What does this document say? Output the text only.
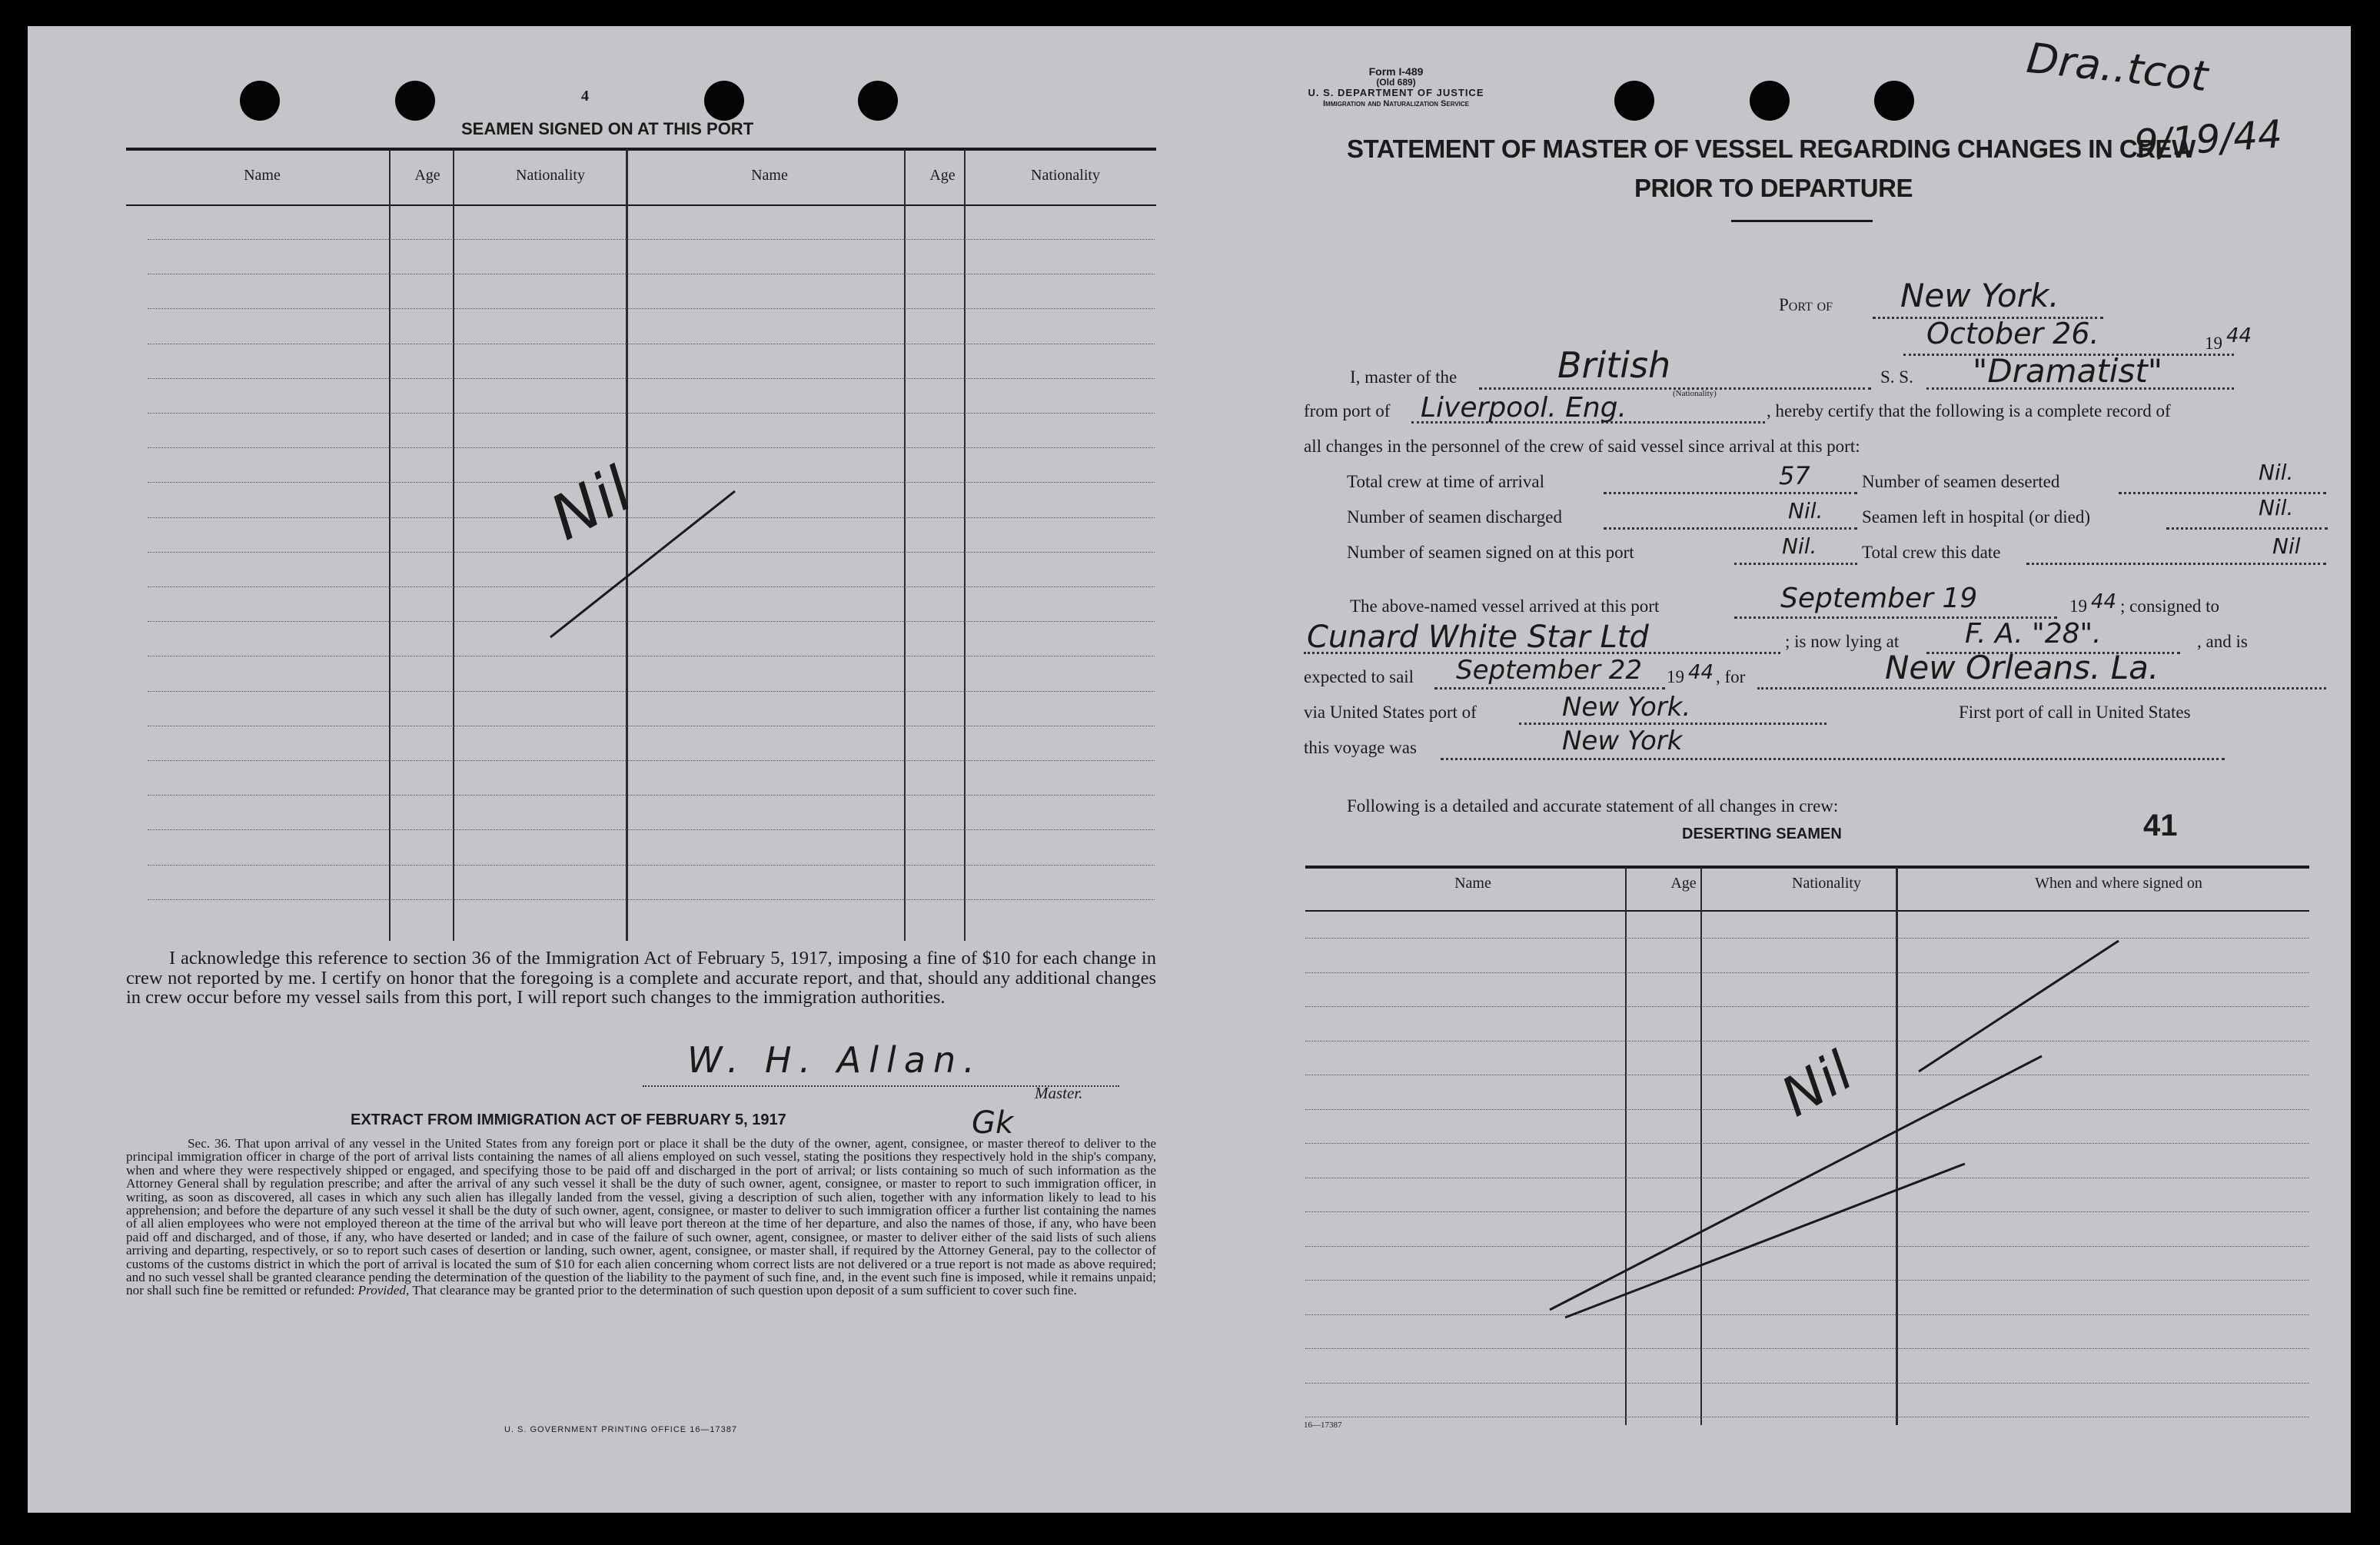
4
SEAMEN SIGNED ON AT THIS PORT
Name	Age	Nationality	Name	Age	Nationality
Nil
I acknowledge this reference to section 36 of the Immigration Act of February 5, 1917, imposing a fine of $10 for each change in crew not reported by me. I certify on honor that the foregoing is a complete and accurate report, and that, should any additional changes in crew occur before my vessel sails from this port, I will report such changes to the immigration authorities.
W. H. Allan.
Master.
Gk
EXTRACT FROM IMMIGRATION ACT OF FEBRUARY 5, 1917
Sec. 36. That upon arrival of any vessel in the United States from any foreign port or place it shall be the duty of the owner, agent, consignee, or master thereof to deliver to the principal immigration officer in charge of the port of arrival lists containing the names of all aliens employed on such vessel, stating the positions they respectively hold in the ship's company, when and where they were respectively shipped or engaged, and specifying those to be paid off and discharged in the port of arrival; or lists containing so much of such information as the Attorney General shall by regulation prescribe; and after the arrival of any such vessel it shall be the duty of such owner, agent, consignee, or master to report to such immigration officer, in writing, as soon as discovered, all cases in which any such alien has illegally landed from the vessel, giving a description of such alien, together with any information likely to lead to his apprehension; and before the departure of any such vessel it shall be the duty of such owner, agent, consignee, or master to deliver to such immigration officer a further list containing the names of all alien employees who were not employed thereon at the time of the arrival but who will leave port thereon at the time of her departure, and also the names of those, if any, who have been paid off and discharged, and of those, if any, who have deserted or landed; and in case of the failure of such owner, agent, consignee, or master to deliver either of the said lists of such aliens arriving and departing, respectively, or so to report such cases of desertion or landing, such owner, agent, consignee, or master shall, if required by the Attorney General, pay to the collector of customs of the customs district in which the port of arrival is located the sum of $10 for each alien concerning whom correct lists are not delivered or a true report is not made as above required; and no such vessel shall be granted clearance pending the determination of the question of the liability to the payment of such fine, and, in the event such fine is imposed, while it remains unpaid; nor shall such fine be remitted or refunded: Provided, That clearance may be granted prior to the determination of such question upon deposit of a sum sufficient to cover such fine.
U. S. GOVERNMENT PRINTING OFFICE 16—17387
Form I-489
(Old 689)
U. S. DEPARTMENT OF JUSTICE
Immigration and Naturalization Service
Dra..tcot
9/19/44
STATEMENT OF MASTER OF VESSEL REGARDING CHANGES IN CREW
PRIOR TO DEPARTURE
Port of New York.
October 26.	19 44
I, master of the	British
(Nationality)
S. S. "Dramatist"
from port of Liverpool. Eng.	, hereby certify that the following is a complete record of
all changes in the personnel of the crew of said vessel since arrival at this port:
Total crew at time of arrival	57	Number of seamen deserted	Nil.
Number of seamen discharged	Nil. Seamen left in hospital (or died)	Nil.
Number of seamen signed on at this port	Nil.	Total crew this date	Nil
The above-named vessel arrived at this port	September 19	19 44 ; consigned to
Cunard White Star Ltd	; is now lying at F. A. "28".	, and is
expected to sail September 22 19 44 , for	New Orleans. La.
via United States port of	New York.	First port of call in United States
this voyage was	New York
Following is a detailed and accurate statement of all changes in crew:
DESERTING SEAMEN	41
Name	Age	Nationality	When and where signed on
Nil
16—17387
